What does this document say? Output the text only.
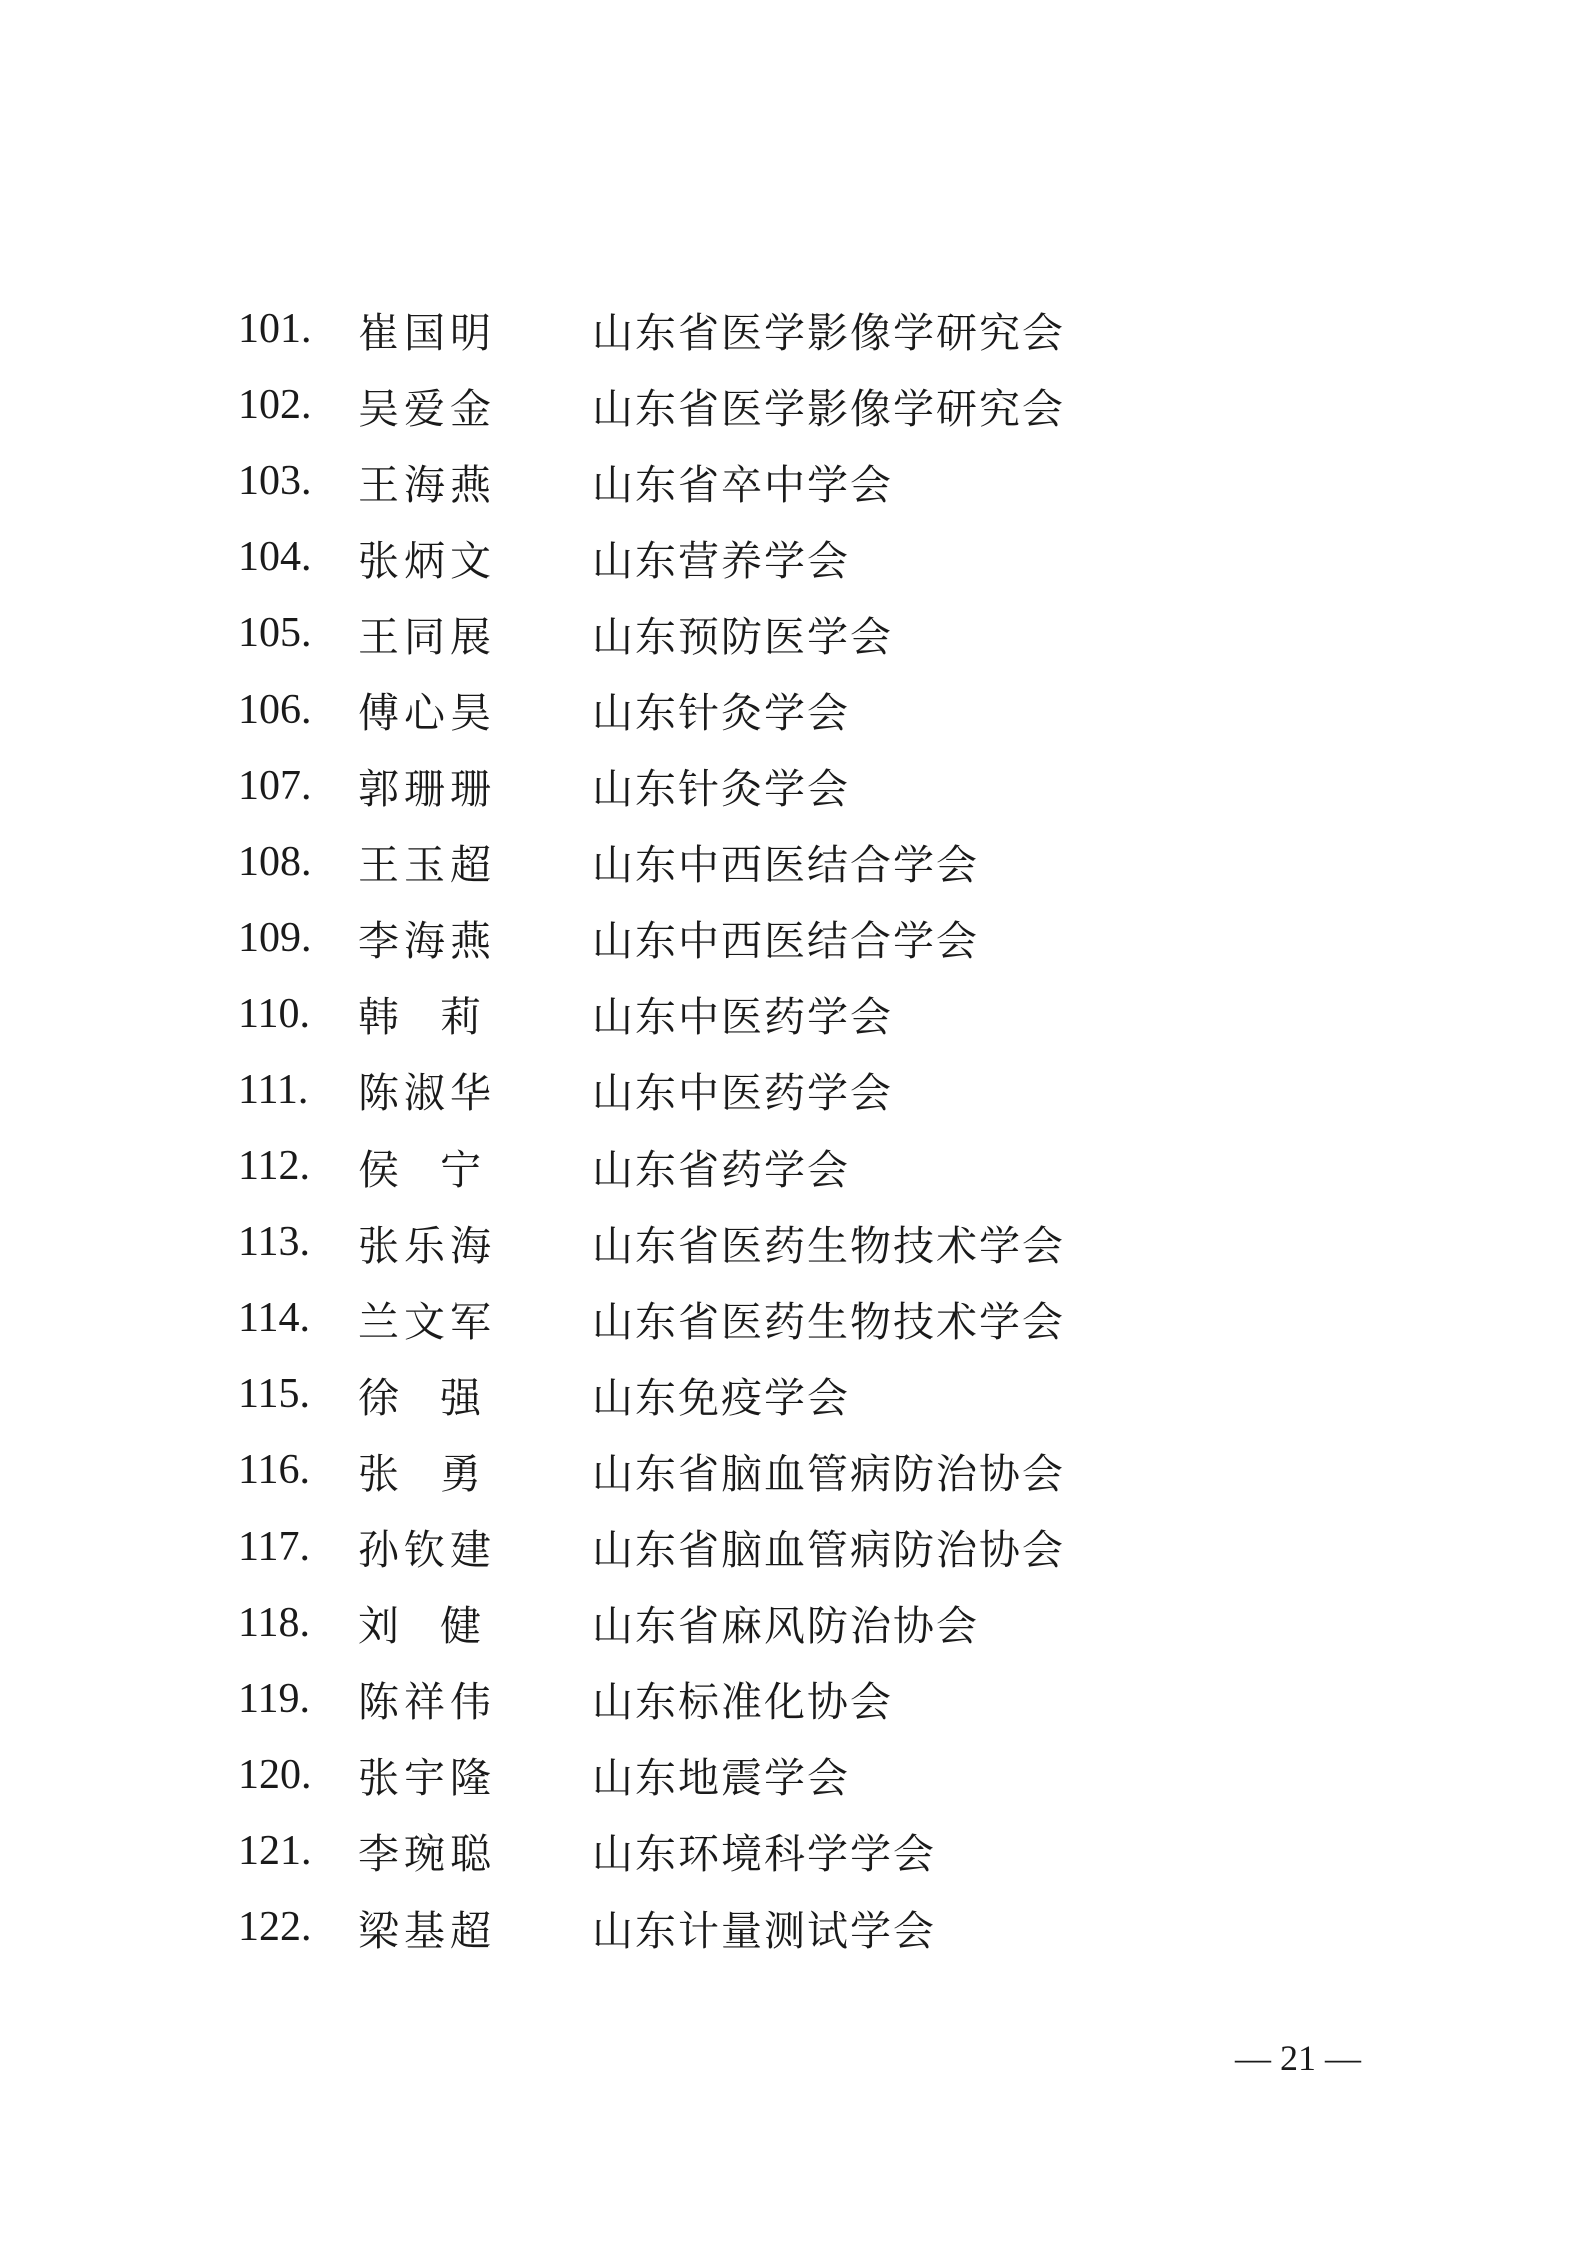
101.	崔国明	山东省医学影像学研究会
102.	吴爱金	山东省医学影像学研究会
103.	王海燕	山东省卒中学会
104.	张炳文	山东营养学会
105.	王同展	山东预防医学会
106.	傅心昊	山东针灸学会
107.	郭珊珊	山东针灸学会
108.	王玉超	山东中西医结合学会
109.	李海燕	山东中西医结合学会
110.	韩  莉	山东中医药学会
111.	陈淑华	山东中医药学会
112.	侯  宁	山东省药学会
113.	张乐海	山东省医药生物技术学会
114.	兰文军	山东省医药生物技术学会
115.	徐  强	山东免疫学会
116.	张  勇	山东省脑血管病防治协会
117.	孙钦建	山东省脑血管病防治协会
118.	刘  健	山东省麻风防治协会
119.	陈祥伟	山东标准化协会
120.	张宇隆	山东地震学会
121.	李琬聪	山东环境科学学会
122.	梁基超	山东计量测试学会
— 21 —
